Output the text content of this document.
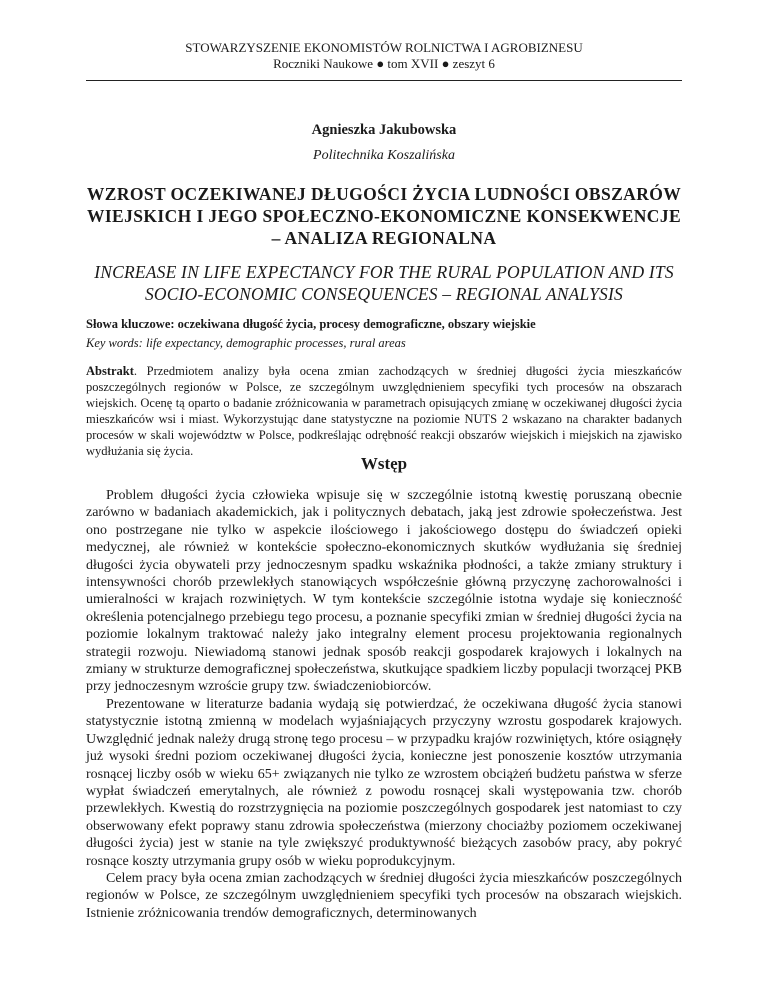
STOWARZYSZENIE EKONOMISTÓW ROLNICTWA I AGROBIZNESU
Roczniki Naukowe ● tom XVII ● zeszyt 6
Agnieszka Jakubowska
Politechnika Koszalińska
WZROST OCZEKIWANEJ DŁUGOŚCI ŻYCIA LUDNOŚCI OBSZARÓW WIEJSKICH I JEGO SPOŁECZNO-EKONOMICZNE KONSEKWENCJE – ANALIZA REGIONALNA
INCREASE IN LIFE EXPECTANCY FOR THE RURAL POPULATION AND ITS SOCIO-ECONOMIC CONSEQUENCES – REGIONAL ANALYSIS
Słowa kluczowe: oczekiwana długość życia, procesy demograficzne, obszary wiejskie
Key words: life expectancy, demographic processes, rural areas
Abstrakt. Przedmiotem analizy była ocena zmian zachodzących w średniej długości życia mieszkańców poszczególnych regionów w Polsce, ze szczególnym uwzględnieniem specyfiki tych procesów na obszarach wiejskich. Ocenę tą oparto o badanie zróżnicowania w parametrach opisujących zmianę w oczekiwanej długości życia mieszkańców wsi i miast. Wykorzystując dane statystyczne na poziomie NUTS 2 wskazano na charakter badanych procesów w skali województw w Polsce, podkreślając odrębność reakcji obszarów wiejskich i miejskich na zjawisko wydłużania się życia.
Wstęp

Problem długości życia człowieka wpisuje się w szczególnie istotną kwestię poruszaną obecnie zarówno w badaniach akademickich, jak i politycznych debatach, jaką jest zdrowie społeczeństwa. Jest ono postrzegane nie tylko w aspekcie ilościowego i jakościowego dostępu do świadczeń opieki medycznej, ale również w kontekście społeczno-ekonomicznych skutków wydłużania się średniej długości życia obywateli przy jednoczesnym spadku wskaźnika płodności, a także zmiany struktury i intensywności chorób przewlekłych stanowiących współcześnie główną przyczynę zachorowalności i umieralności w krajach rozwiniętych. W tym kontekście szczególnie istotna wydaje się konieczność określenia potencjalnego przebiegu tego procesu, a poznanie specyfiki zmian w średniej długości życia na poziomie lokalnym traktować należy jako integralny element procesu projektowania regionalnych strategii rozwoju. Niewiadomą stanowi jednak sposób reakcji gospodarek krajowych i lokalnych na zmiany w strukturze demograficznej społeczeństwa, skutkujące spadkiem liczby populacji tworzącej PKB przy jednoczesnym wzroście grupy tzw. świadczeniobiorców.

Prezentowane w literaturze badania wydają się potwierdzać, że oczekiwana długość życia stanowi statystycznie istotną zmienną w modelach wyjaśniających przyczyny wzrostu gospodarek krajowych. Uwzględnić jednak należy drugą stronę tego procesu – w przypadku krajów rozwiniętych, które osiągnęły już wysoki średni poziom oczekiwanej długości życia, konieczne jest ponoszenie kosztów utrzymania rosnącej liczby osób w wieku 65+ związanych nie tylko ze wzrostem obciążeń budżetu państwa w sferze wypłat świadczeń emerytalnych, ale również z powodu rosnącej skali występowania tzw. chorób przewlekłych. Kwestią do rozstrzygnięcia na poziomie poszczególnych gospodarek jest natomiast to czy obserwowany efekt poprawy stanu zdrowia społeczeństwa (mierzony chociażby poziomem oczekiwanej długości życia) jest w stanie na tyle zwiększyć produktywność bieżących zasobów pracy, aby pokryć rosnące koszty utrzymania grupy osób w wieku poprodukcyjnym.

Celem pracy była ocena zmian zachodzących w średniej długości życia mieszkańców poszczególnych regionów w Polsce, ze szczególnym uwzględnieniem specyfiki tych procesów na obszarach wiejskich. Istnienie zróżnicowania trendów demograficznych, determinowanych
